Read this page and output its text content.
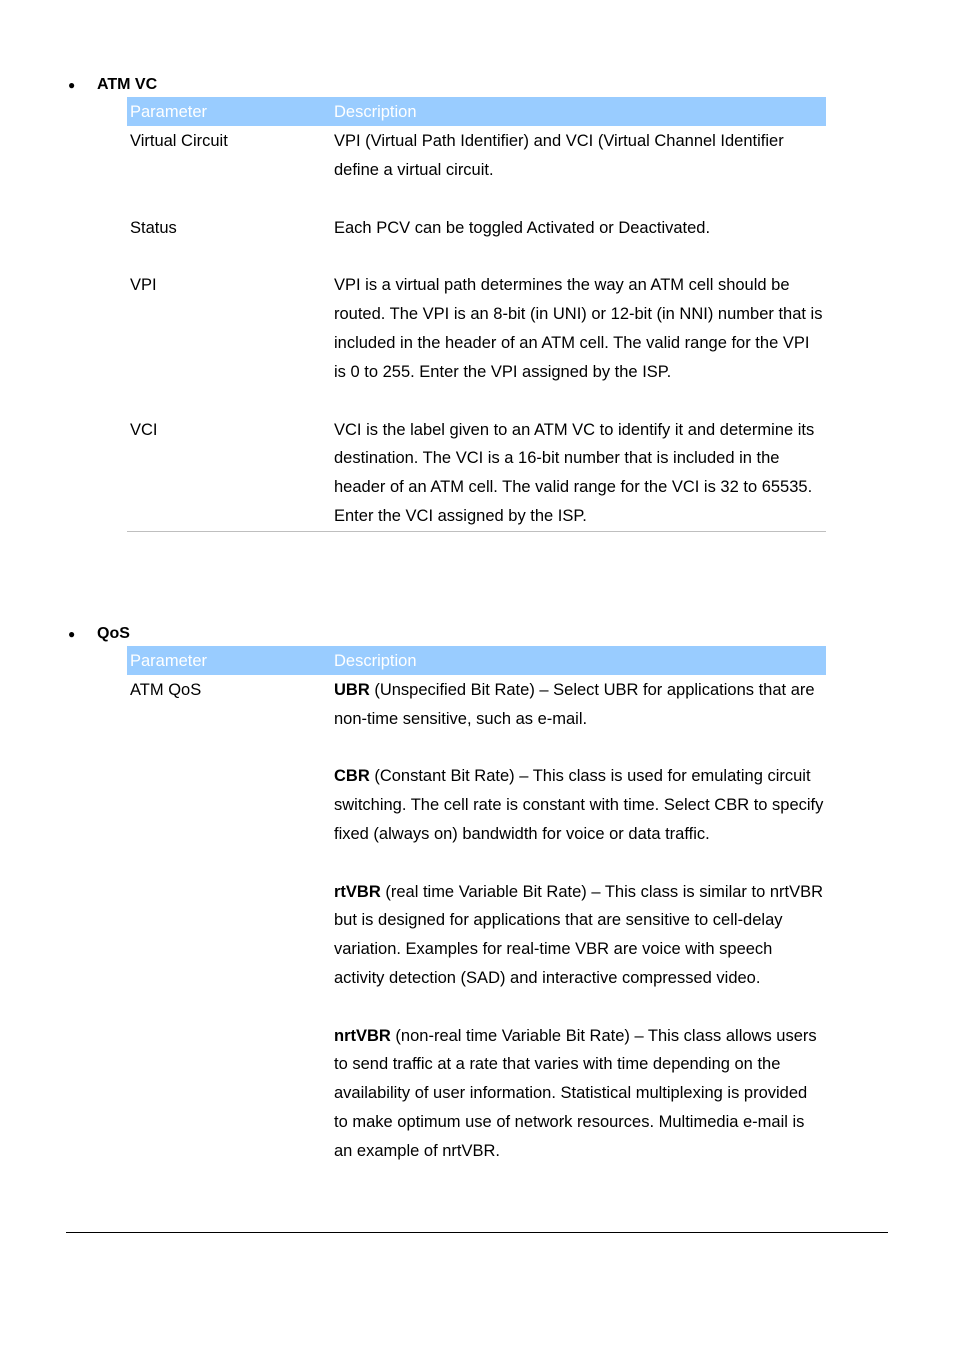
● ATM VC
Parameter	Description
Virtual Circuit	VPI (Virtual Path Identifier) and VCI (Virtual Channel Identifier define a virtual circuit.

Status	Each PCV can be toggled Activated or Deactivated.

VPI	VPI is a virtual path determines the way an ATM cell should be routed. The VPI is an 8-bit (in UNI) or 12-bit (in NNI) number that is included in the header of an ATM cell. The valid range for the VPI is 0 to 255. Enter the VPI assigned by the ISP.

VCI	VCI is the label given to an ATM VC to identify it and determine its destination. The VCI is a 16-bit number that is included in the header of an ATM cell. The valid range for the VCI is 32 to 65535. Enter the VCI assigned by the ISP.

● QoS
Parameter	Description
ATM QoS	UBR (Unspecified Bit Rate) – Select UBR for applications that are non-time sensitive, such as e-mail.

CBR (Constant Bit Rate) – This class is used for emulating circuit switching. The cell rate is constant with time. Select CBR to specify fixed (always on) bandwidth for voice or data traffic.

rtVBR (real time Variable Bit Rate) – This class is similar to nrtVBR but is designed for applications that are sensitive to cell-delay variation. Examples for real-time VBR are voice with speech activity detection (SAD) and interactive compressed video.

nrtVBR (non-real time Variable Bit Rate) – This class allows users to send traffic at a rate that varies with time depending on the availability of user information. Statistical multiplexing is provided to make optimum use of network resources. Multimedia e-mail is an example of nrtVBR.
